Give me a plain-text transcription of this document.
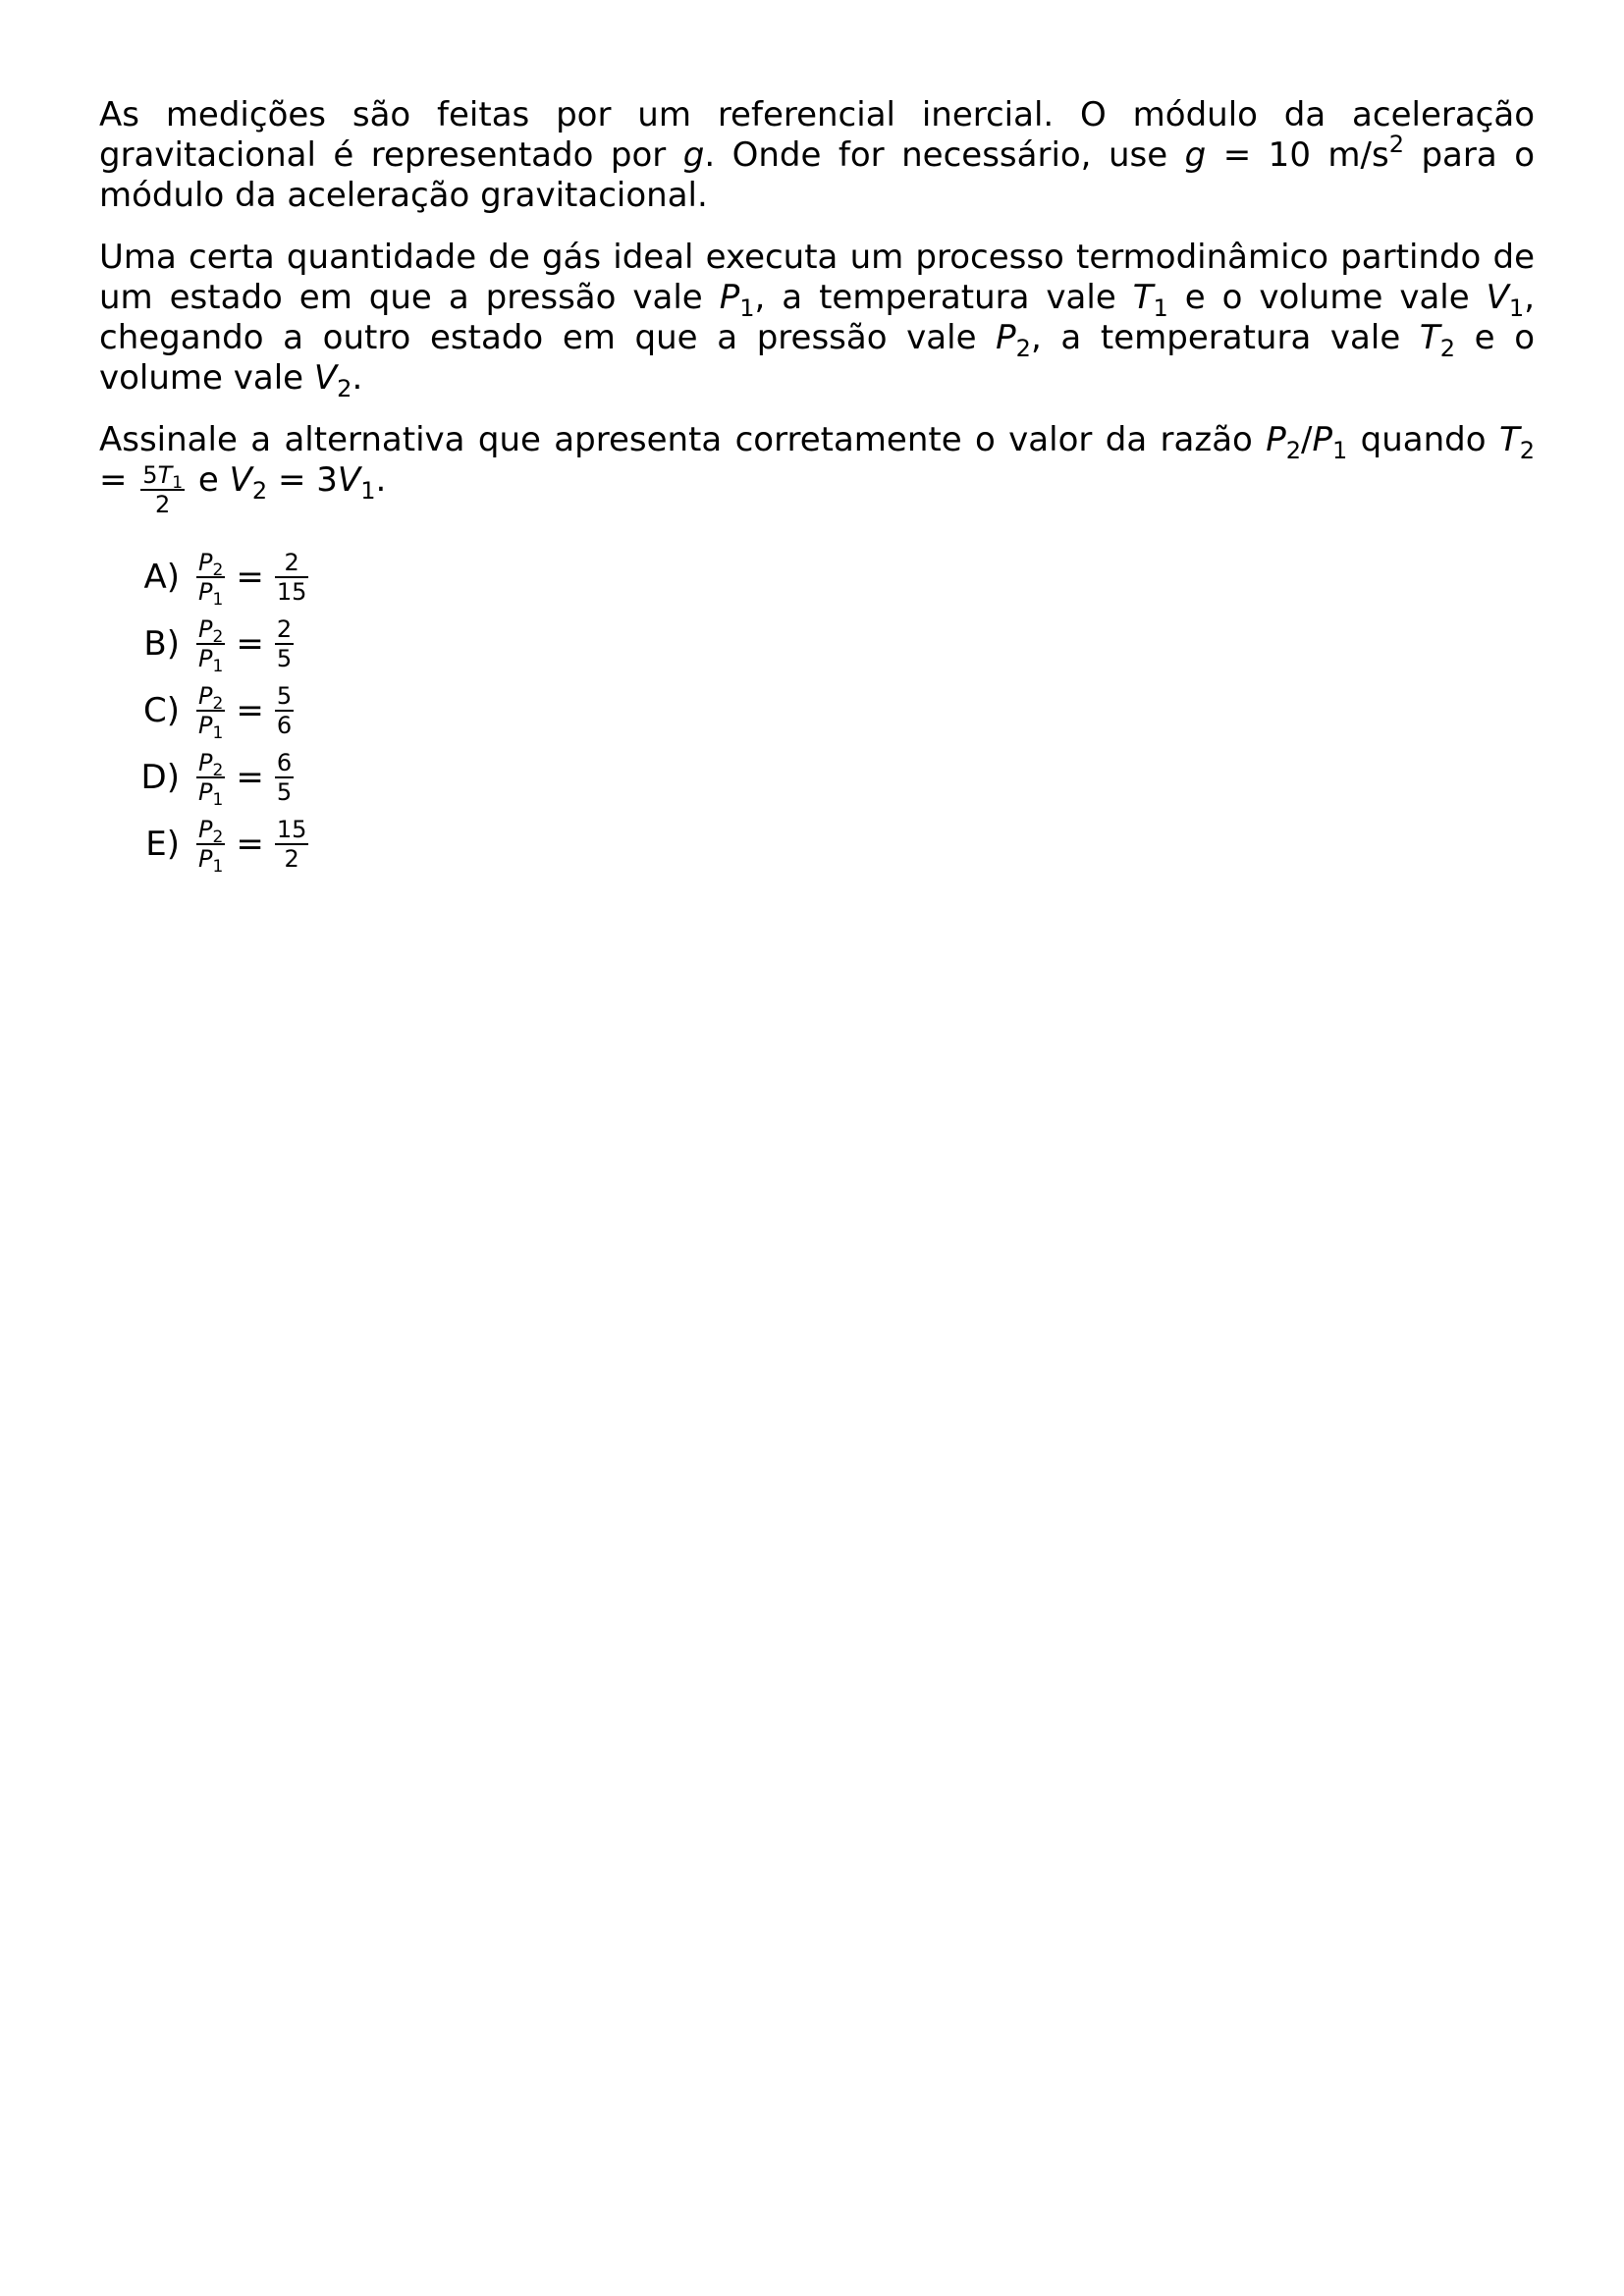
As medições são feitas por um referencial inercial. O módulo da aceleração gravitacional é representado por g. Onde for necessário, use g = 10 $m/s^2$ para o módulo da aceleração gravitacional.

Uma certa quantidade de gás ideal executa um processo termodinâmico partindo de um estado em que a pressão vale $P_1$, a temperatura vale $T_1$ e o volume vale $V_1$, chegando a outro estado em que a pressão vale $P_2$, a temperatura vale $T_2$ e o volume vale $V_2$.

Assinale a alternativa que apresenta corretamente o valor da razão $P_2/P_1$ quando $T_2 = \frac{5T_1}{2}$ e $V_2 = 3V_1$.

$A) \frac{P_2}{P_1} = \frac{2}{15}$
$B) \frac{P_2}{P_1} = \frac{2}{5}$
$C) \frac{P_2}{P_1} = \frac{5}{6}$
$D) \frac{P_2}{P_1} = \frac{6}{5}$
$E) \frac{P_2}{P_1} = \frac{15}{2}$
